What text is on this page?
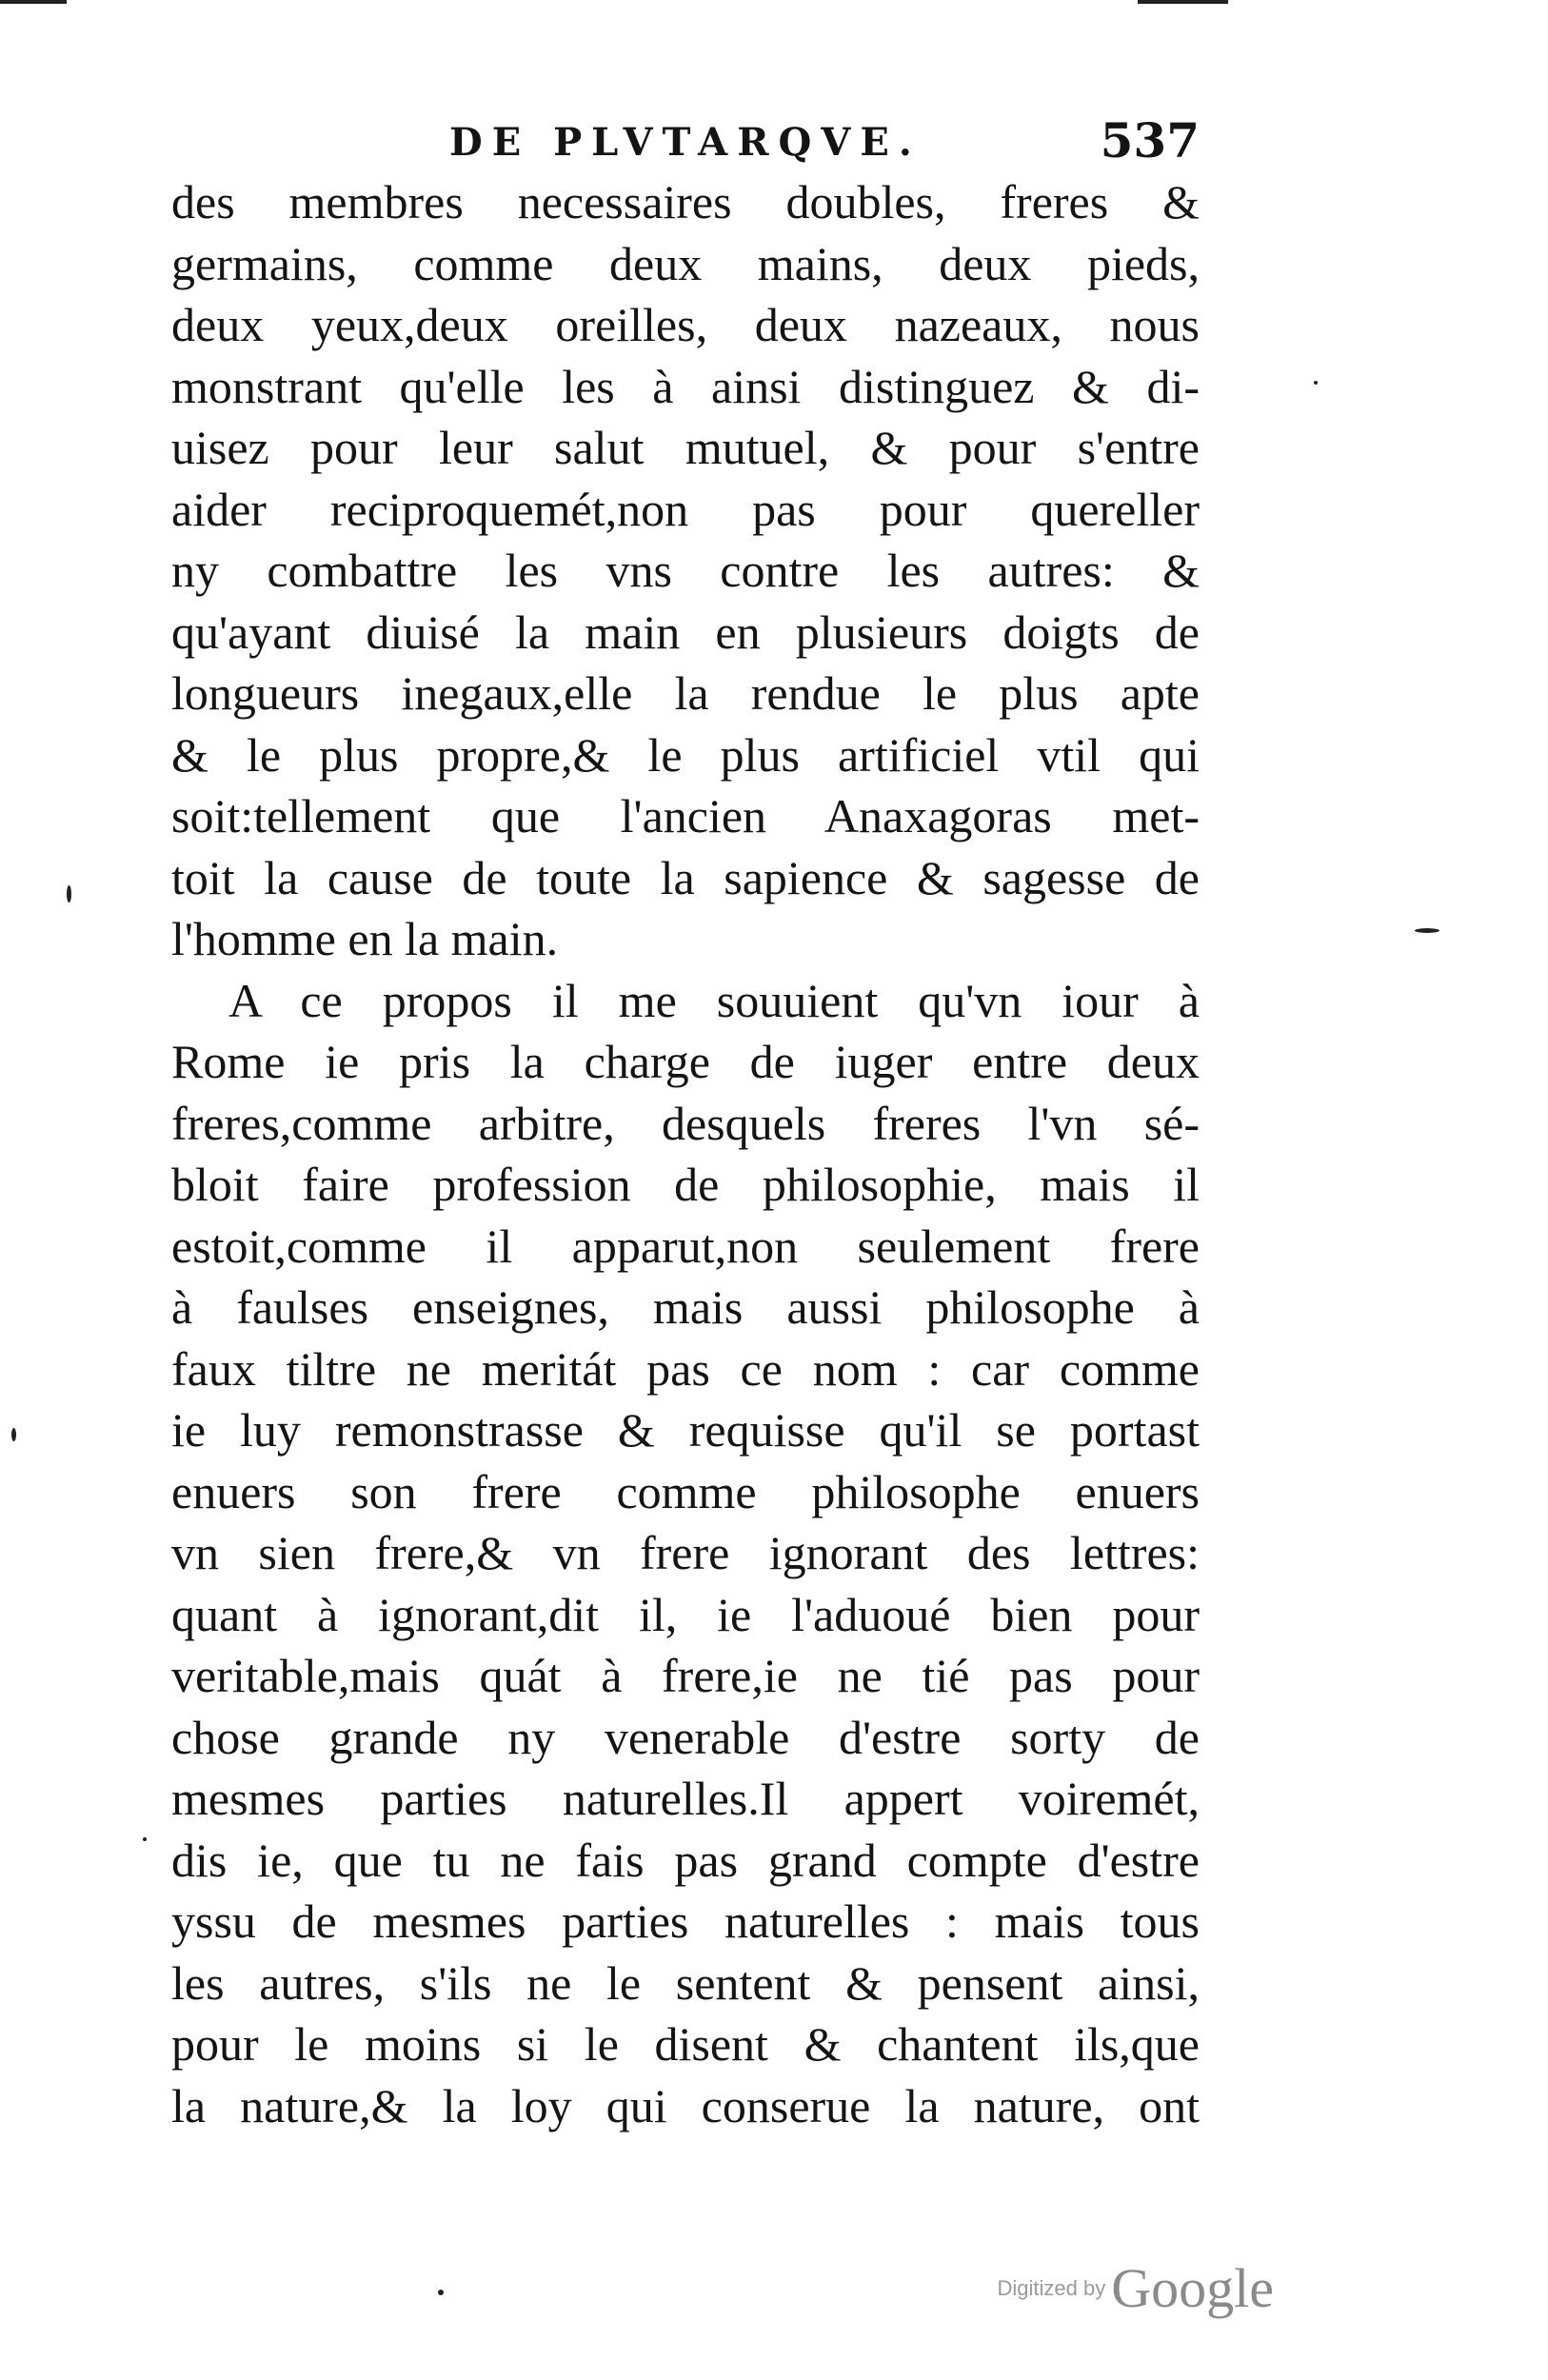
DE PLVTARQVE.	537
des membres necessaires doubles, freres &
germains, comme deux mains, deux pieds,
deux yeux,deux oreilles, deux nazeaux, nous
monstrant qu'elle les à ainsi distinguez & di-
uisez pour leur salut mutuel, & pour s'entre
aider reciproquemét,non pas pour quereller
ny combattre les vns contre les autres: &
qu'ayant diuisé la main en plusieurs doigts de
longueurs inegaux,elle la rendue le plus apte
& le plus propre,& le plus artificiel vtil qui
soit:tellement que l'ancien Anaxagoras met-
toit la cause de toute la sapience & sagesse de
l'homme en la main.
A ce propos il me souuient qu'vn iour à
Rome ie pris la charge de iuger entre deux
freres,comme arbitre, desquels freres l'vn sé-
bloit faire profession de philosophie, mais il
estoit,comme il apparut,non seulement frere
à faulses enseignes, mais aussi philosophe à
faux tiltre ne meritát pas ce nom : car comme
ie luy remonstrasse & requisse qu'il se portast
enuers son frere comme philosophe enuers
vn sien frere,& vn frere ignorant des lettres:
quant à ignorant,dit il, ie l'aduoué bien pour
veritable,mais quát à frere,ie ne tié pas pour
chose grande ny venerable d'estre sorty de
mesmes parties naturelles.Il appert voiremét,
dis ie, que tu ne fais pas grand compte d'estre
yssu de mesmes parties naturelles : mais tous
les autres, s'ils ne le sentent & pensent ainsi,
pour le moins si le disent & chantent ils,que
la nature,& la loy qui conserue la nature, ont
Digitized by Google
